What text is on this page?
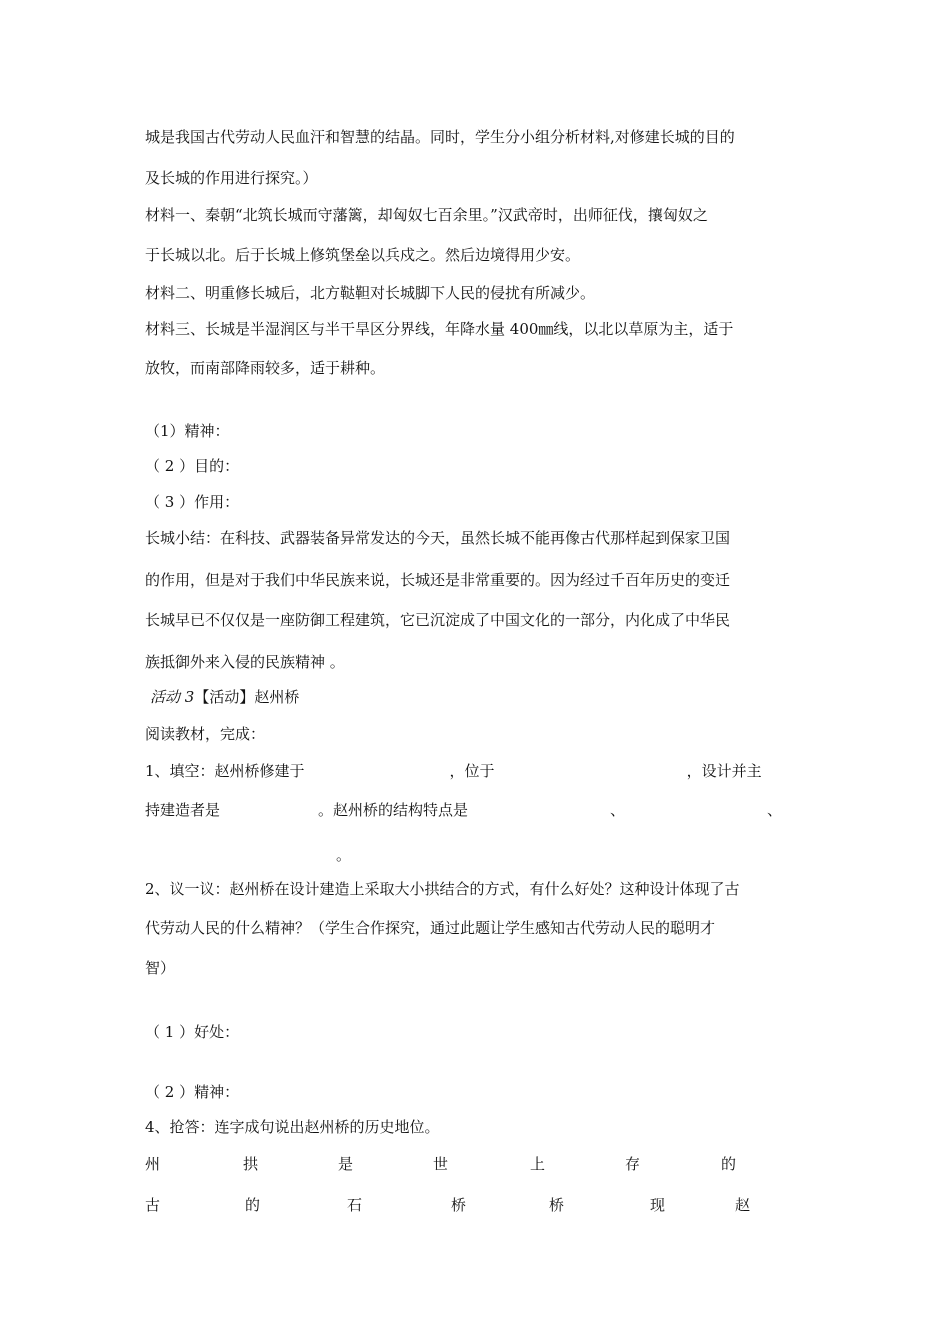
城是我国古代劳动人民血汗和智慧的结晶。同时，学生分小组分析材料,对修建长城的目的
及长城的作用进行探究。）
材料一、秦朝“北筑长城而守藩篱，却匈奴七百余里。”汉武帝时，出师征伐，攘匈奴之
于长城以北。后于长城上修筑堡垒以兵戍之。然后边境得用少安。
材料二、明重修长城后，北方鞑靼对长城脚下人民的侵扰有所减少。
材料三、长城是半湿润区与半干旱区分界线，年降水量 400㎜线，以北以草原为主，适于
放牧，而南部降雨较多，适于耕种。
（1）精神：
（ 2 ）目的：
（ 3 ）作用：
长城小结：在科技、武器装备异常发达的今天，虽然长城不能再像古代那样起到保家卫国
的作用，但是对于我们中华民族来说，长城还是非常重要的。因为经过千百年历史的变迁
长城早已不仅仅是一座防御工程建筑，它已沉淀成了中国文化的一部分，内化成了中华民
族抵御外来入侵的民族精神 。
活动 3【活动】赵州桥
阅读教材，完成：
1、填空：赵州桥修建于	，位于	，设计并主
持建造者是	。赵州桥的结构特点是	、	、
。
2、议一议：赵州桥在设计建造上采取大小拱结合的方式，有什么好处？这种设计体现了古
代劳动人民的什么精神？（学生合作探究，通过此题让学生感知古代劳动人民的聪明才
智）
（ 1 ）好处：
（ 2 ）精神：
4、抢答：连字成句说出赵州桥的历史地位。
州	拱	是	世	上	存	的
古	的	石	桥	桥	现	赵
